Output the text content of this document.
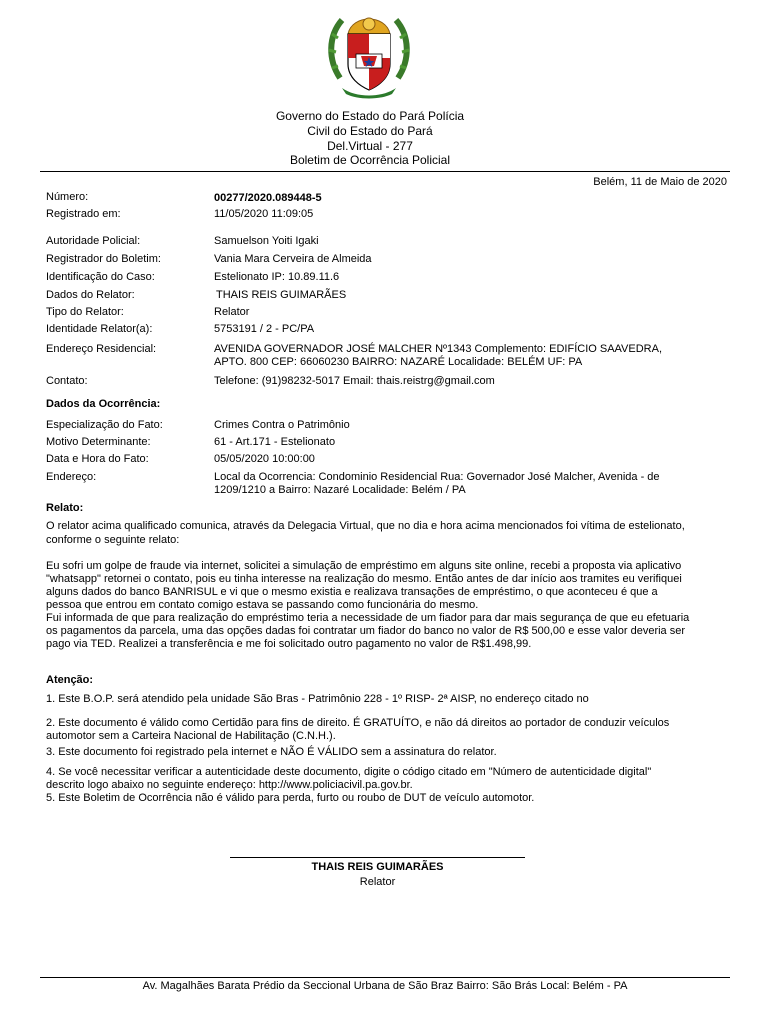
Governo do Estado do Pará Polícia
Civil do Estado do Pará
Del.Virtual - 277
Boletim de Ocorrência Policial
Belém, 11 de Maio de 2020
Número:	00277/2020.089448-5
Registrado em:	11/05/2020 11:09:05
Autoridade Policial:	Samuelson Yoiti Igaki
Registrador do Boletim:	Vania Mara Cerveira de Almeida
Identificação do Caso:	Estelionato IP: 10.89.11.6
Dados do Relator:	THAIS REIS GUIMARÃES
Tipo do Relator:	Relator
Identidade Relator(a):	5753191 / 2 - PC/PA
Endereço Residencial:	AVENIDA GOVERNADOR JOSÉ MALCHER Nº1343 Complemento: EDIFÍCIO SAAVEDRA,
APTO. 800 CEP: 66060230 BAIRRO: NAZARÉ Localidade: BELÉM UF: PA
Contato:	Telefone: (91)98232-5017 Email: thais.reistrg@gmail.com
Dados da Ocorrência:
Especialização do Fato:	Crimes Contra o Patrimônio
Motivo Determinante:	61 - Art.171 - Estelionato
Data e Hora do Fato:	05/05/2020 10:00:00
Endereço:	Local da Ocorrencia: Condominio Residencial Rua: Governador José Malcher, Avenida - de
1209/1210 a Bairro: Nazaré Localidade: Belém / PA
Relato:
O relator acima qualificado comunica, através da Delegacia Virtual, que no dia e hora acima mencionados foi vítima de estelionato,
conforme o seguinte relato:
Eu sofri um golpe de fraude via internet, solicitei a simulação de empréstimo em alguns site online, recebi a proposta via aplicativo
"whatsapp" retornei o contato, pois eu tinha interesse na realização do mesmo. Então antes de dar início aos tramites eu verifiquei
alguns dados do banco BANRISUL e vi que o mesmo existia e realizava transações de empréstimo, o que aconteceu é que a
pessoa que entrou em contato comigo estava se passando como funcionária do mesmo.
Fui informada de que para realização do empréstimo teria a necessidade de um fiador para dar mais segurança de que eu efetuaria
os pagamentos da parcela, uma das opções dadas foi contratar um fiador do banco no valor de R$ 500,00 e esse valor deveria ser
pago via TED. Realizei a transferência e me foi solicitado outro pagamento no valor de R$1.498,99.
Atenção:
1. Este B.O.P. será atendido pela unidade São Bras - Patrimônio 228 - 1º RISP- 2ª AISP, no endereço citado no
2. Este documento é válido como Certidão para fins de direito. É GRATUÍTO, e não dá direitos ao portador de conduzir veículos
automotor sem a Carteira Nacional de Habilitação (C.N.H.).
3. Este documento foi registrado pela internet e NÃO É VÁLIDO sem a assinatura do relator.
4. Se você necessitar verificar a autenticidade deste documento, digite o código citado em "Número de autenticidade digital"
descrito logo abaixo no seguinte endereço: http://www.policiacivil.pa.gov.br.
5. Este Boletim de Ocorrência não é válido para perda, furto ou roubo de DUT de veículo automotor.
THAIS REIS GUIMARÃES
Relator
Av. Magalhães Barata Prédio da Seccional Urbana de São Braz Bairro: São Brás Local: Belém - PA
